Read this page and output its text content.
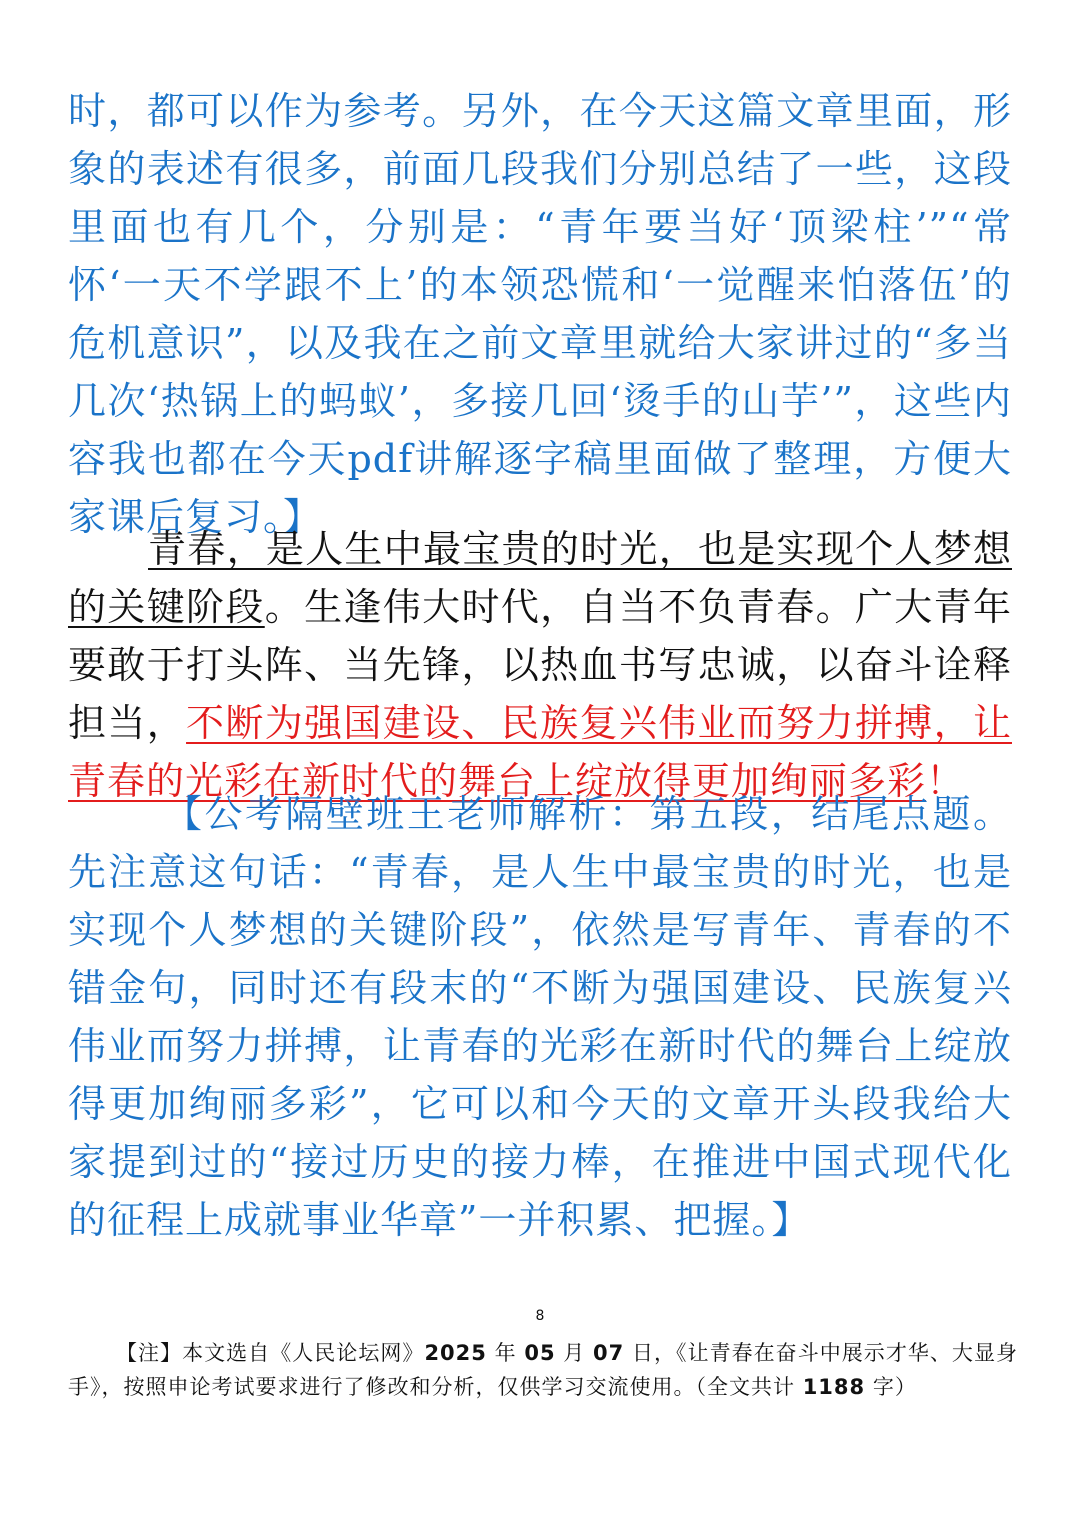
时，都可以作为参考。另外，在今天这篇文章里面，形象的表述有很多，前面几段我们分别总结了一些，这段里面也有几个，分别是：“青年要当好‘顶梁柱’”“常怀‘一天不学跟不上’的本领恐慌和‘一觉醒来怕落伍’的危机意识”，以及我在之前文章里就给大家讲过的“多当几次‘热锅上的蚂蚁’，多接几回‘烫手的山芋’”，这些内容我也都在今天pdf讲解逐字稿里面做了整理，方便大家课后复习。】

青春，是人生中最宝贵的时光，也是实现个人梦想的关键阶段。生逢伟大时代，自当不负青春。广大青年要敢于打头阵、当先锋，以热血书写忠诚，以奋斗诠释担当，不断为强国建设、民族复兴伟业而努力拼搏，让青春的光彩在新时代的舞台上绽放得更加绚丽多彩！

【公考隔壁班王老师解析：第五段，结尾点题。先注意这句话：“青春，是人生中最宝贵的时光，也是实现个人梦想的关键阶段”，依然是写青年、青春的不错金句，同时还有段末的“不断为强国建设、民族复兴伟业而努力拼搏，让青春的光彩在新时代的舞台上绽放得更加绚丽多彩”，它可以和今天的文章开头段我给大家提到过的“接过历史的接力棒，在推进中国式现代化的征程上成就事业华章”一并积累、把握。】

8
【注】本文选自《人民论坛网》2025 年 05 月 07 日，《让青春在奋斗中展示才华、大显身手》，按照申论考试要求进行了修改和分析，仅供学习交流使用。（全文共计 1188 字）
